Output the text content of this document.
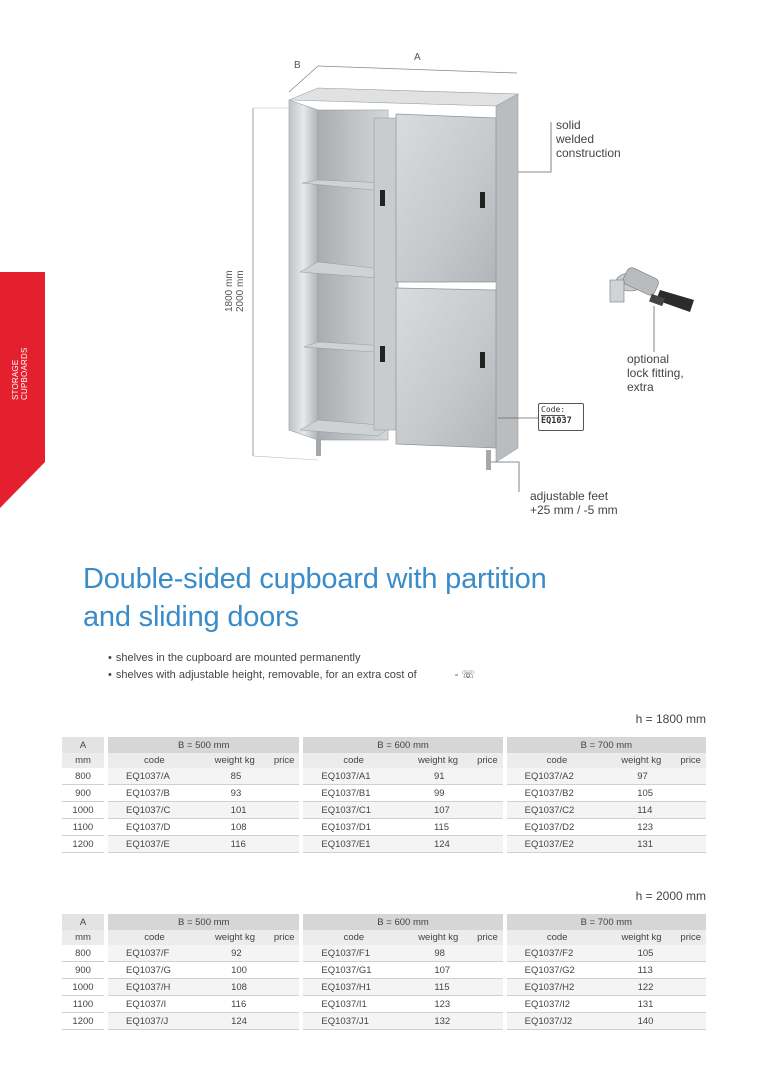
STORAGE CUPBOARDS
B
A
1800 mm 2000 mm
solid
welded
construction
optional
lock fitting,
extra
adjustable feet
+25 mm / -5 mm
Code:
EQ1037
Double-sided cupboard with partition
and sliding doors
• shelves in the cupboard are mounted permanently
• shelves with adjustable height, removable, for an extra cost of	- ☏
h = 1800 mm
A		B = 500 mm				B = 600 mm				B = 700 mm		
mm		code	weight kg	price		code	weight kg	price		code	weight kg	price
800		EQ1037/A	85			EQ1037/A1	91			EQ1037/A2	97	
900		EQ1037/B	93			EQ1037/B1	99			EQ1037/B2	105	
1000		EQ1037/C	101			EQ1037/C1	107			EQ1037/C2	114	
1100		EQ1037/D	108			EQ1037/D1	115			EQ1037/D2	123	
1200		EQ1037/E	116			EQ1037/E1	124			EQ1037/E2	131	
h = 2000 mm
A		B = 500 mm				B = 600 mm				B = 700 mm		
mm		code	weight kg	price		code	weight kg	price		code	weight kg	price
800		EQ1037/F	92			EQ1037/F1	98			EQ1037/F2	105	
900		EQ1037/G	100			EQ1037/G1	107			EQ1037/G2	113	
1000		EQ1037/H	108			EQ1037/H1	115			EQ1037/H2	122	
1100		EQ1037/I	116			EQ1037/I1	123			EQ1037/I2	131	
1200		EQ1037/J	124			EQ1037/J1	132			EQ1037/J2	140	
